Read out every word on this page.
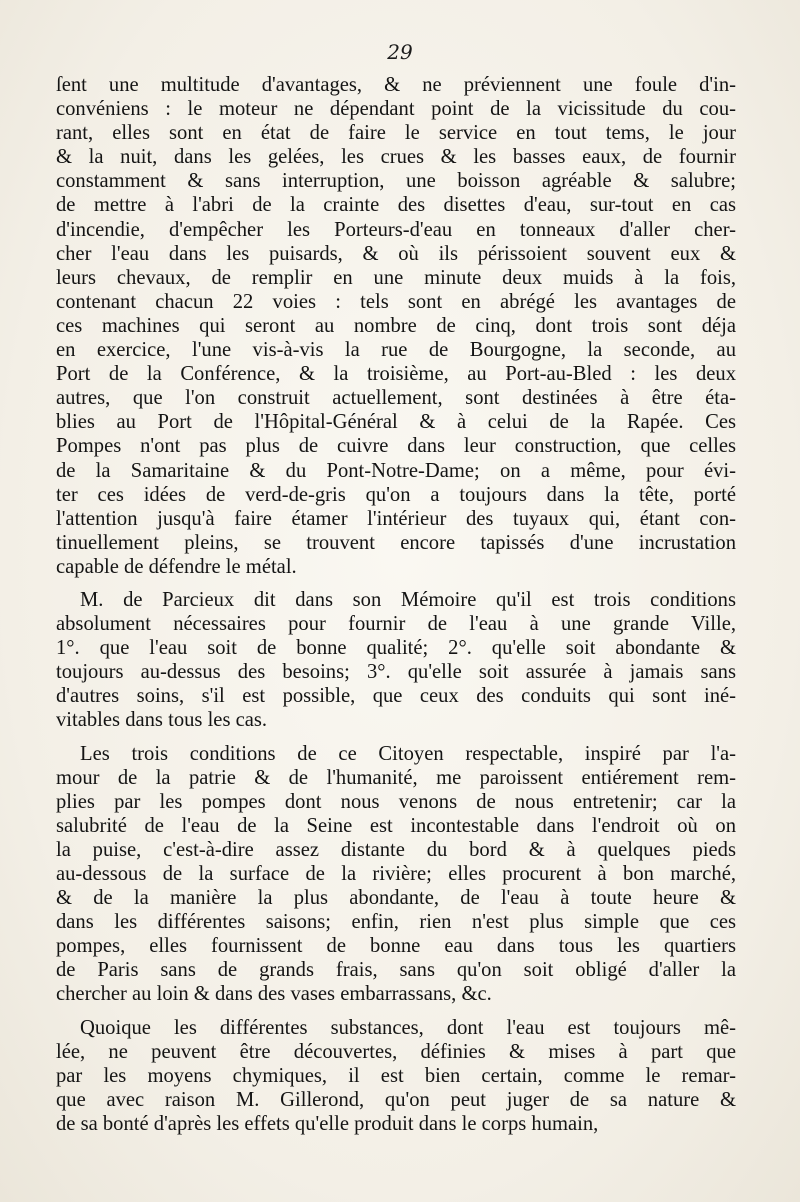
29
ſent une multitude d'avantages, & ne préviennent une foule d'in-
convéniens : le moteur ne dépendant point de la vicissitude du cou-
rant, elles sont en état de faire le service en tout tems, le jour
& la nuit, dans les gelées, les crues & les basses eaux, de fournir
constamment & sans interruption, une boisson agréable & salubre;
de mettre à l'abri de la crainte des disettes d'eau, sur-tout en cas
d'incendie, d'empêcher les Porteurs-d'eau en tonneaux d'aller cher-
cher l'eau dans les puisards, & où ils périssoient souvent eux &
leurs chevaux, de remplir en une minute deux muids à la fois,
contenant chacun 22 voies : tels sont en abrégé les avantages de
ces machines qui seront au nombre de cinq, dont trois sont déja
en exercice, l'une vis-à-vis la rue de Bourgogne, la seconde, au
Port de la Conférence, & la troisième, au Port-au-Bled : les deux
autres, que l'on construit actuellement, sont destinées à être éta-
blies au Port de l'Hôpital-Général & à celui de la Rapée. Ces
Pompes n'ont pas plus de cuivre dans leur construction, que celles
de la Samaritaine & du Pont-Notre-Dame; on a même, pour évi-
ter ces idées de verd-de-gris qu'on a toujours dans la tête, porté
l'attention jusqu'à faire étamer l'intérieur des tuyaux qui, étant con-
tinuellement pleins, se trouvent encore tapissés d'une incrustation
capable de défendre le métal.
M. de Parcieux dit dans son Mémoire qu'il est trois conditions
absolument nécessaires pour fournir de l'eau à une grande Ville,
1°. que l'eau soit de bonne qualité; 2°. qu'elle soit abondante &
toujours au-dessus des besoins; 3°. qu'elle soit assurée à jamais sans
d'autres soins, s'il est possible, que ceux des conduits qui sont iné-
vitables dans tous les cas.
Les trois conditions de ce Citoyen respectable, inspiré par l'a-
mour de la patrie & de l'humanité, me paroissent entiérement rem-
plies par les pompes dont nous venons de nous entretenir; car la
salubrité de l'eau de la Seine est incontestable dans l'endroit où on
la puise, c'est-à-dire assez distante du bord & à quelques pieds
au-dessous de la surface de la rivière; elles procurent à bon marché,
& de la manière la plus abondante, de l'eau à toute heure &
dans les différentes saisons; enfin, rien n'est plus simple que ces
pompes, elles fournissent de bonne eau dans tous les quartiers
de Paris sans de grands frais, sans qu'on soit obligé d'aller la
chercher au loin & dans des vases embarrassans, &c.
Quoique les différentes substances, dont l'eau est toujours mê-
lée, ne peuvent être découvertes, définies & mises à part que
par les moyens chymiques, il est bien certain, comme le remar-
que avec raison M. Gillerond, qu'on peut juger de sa nature &
de sa bonté d'après les effets qu'elle produit dans le corps humain,
